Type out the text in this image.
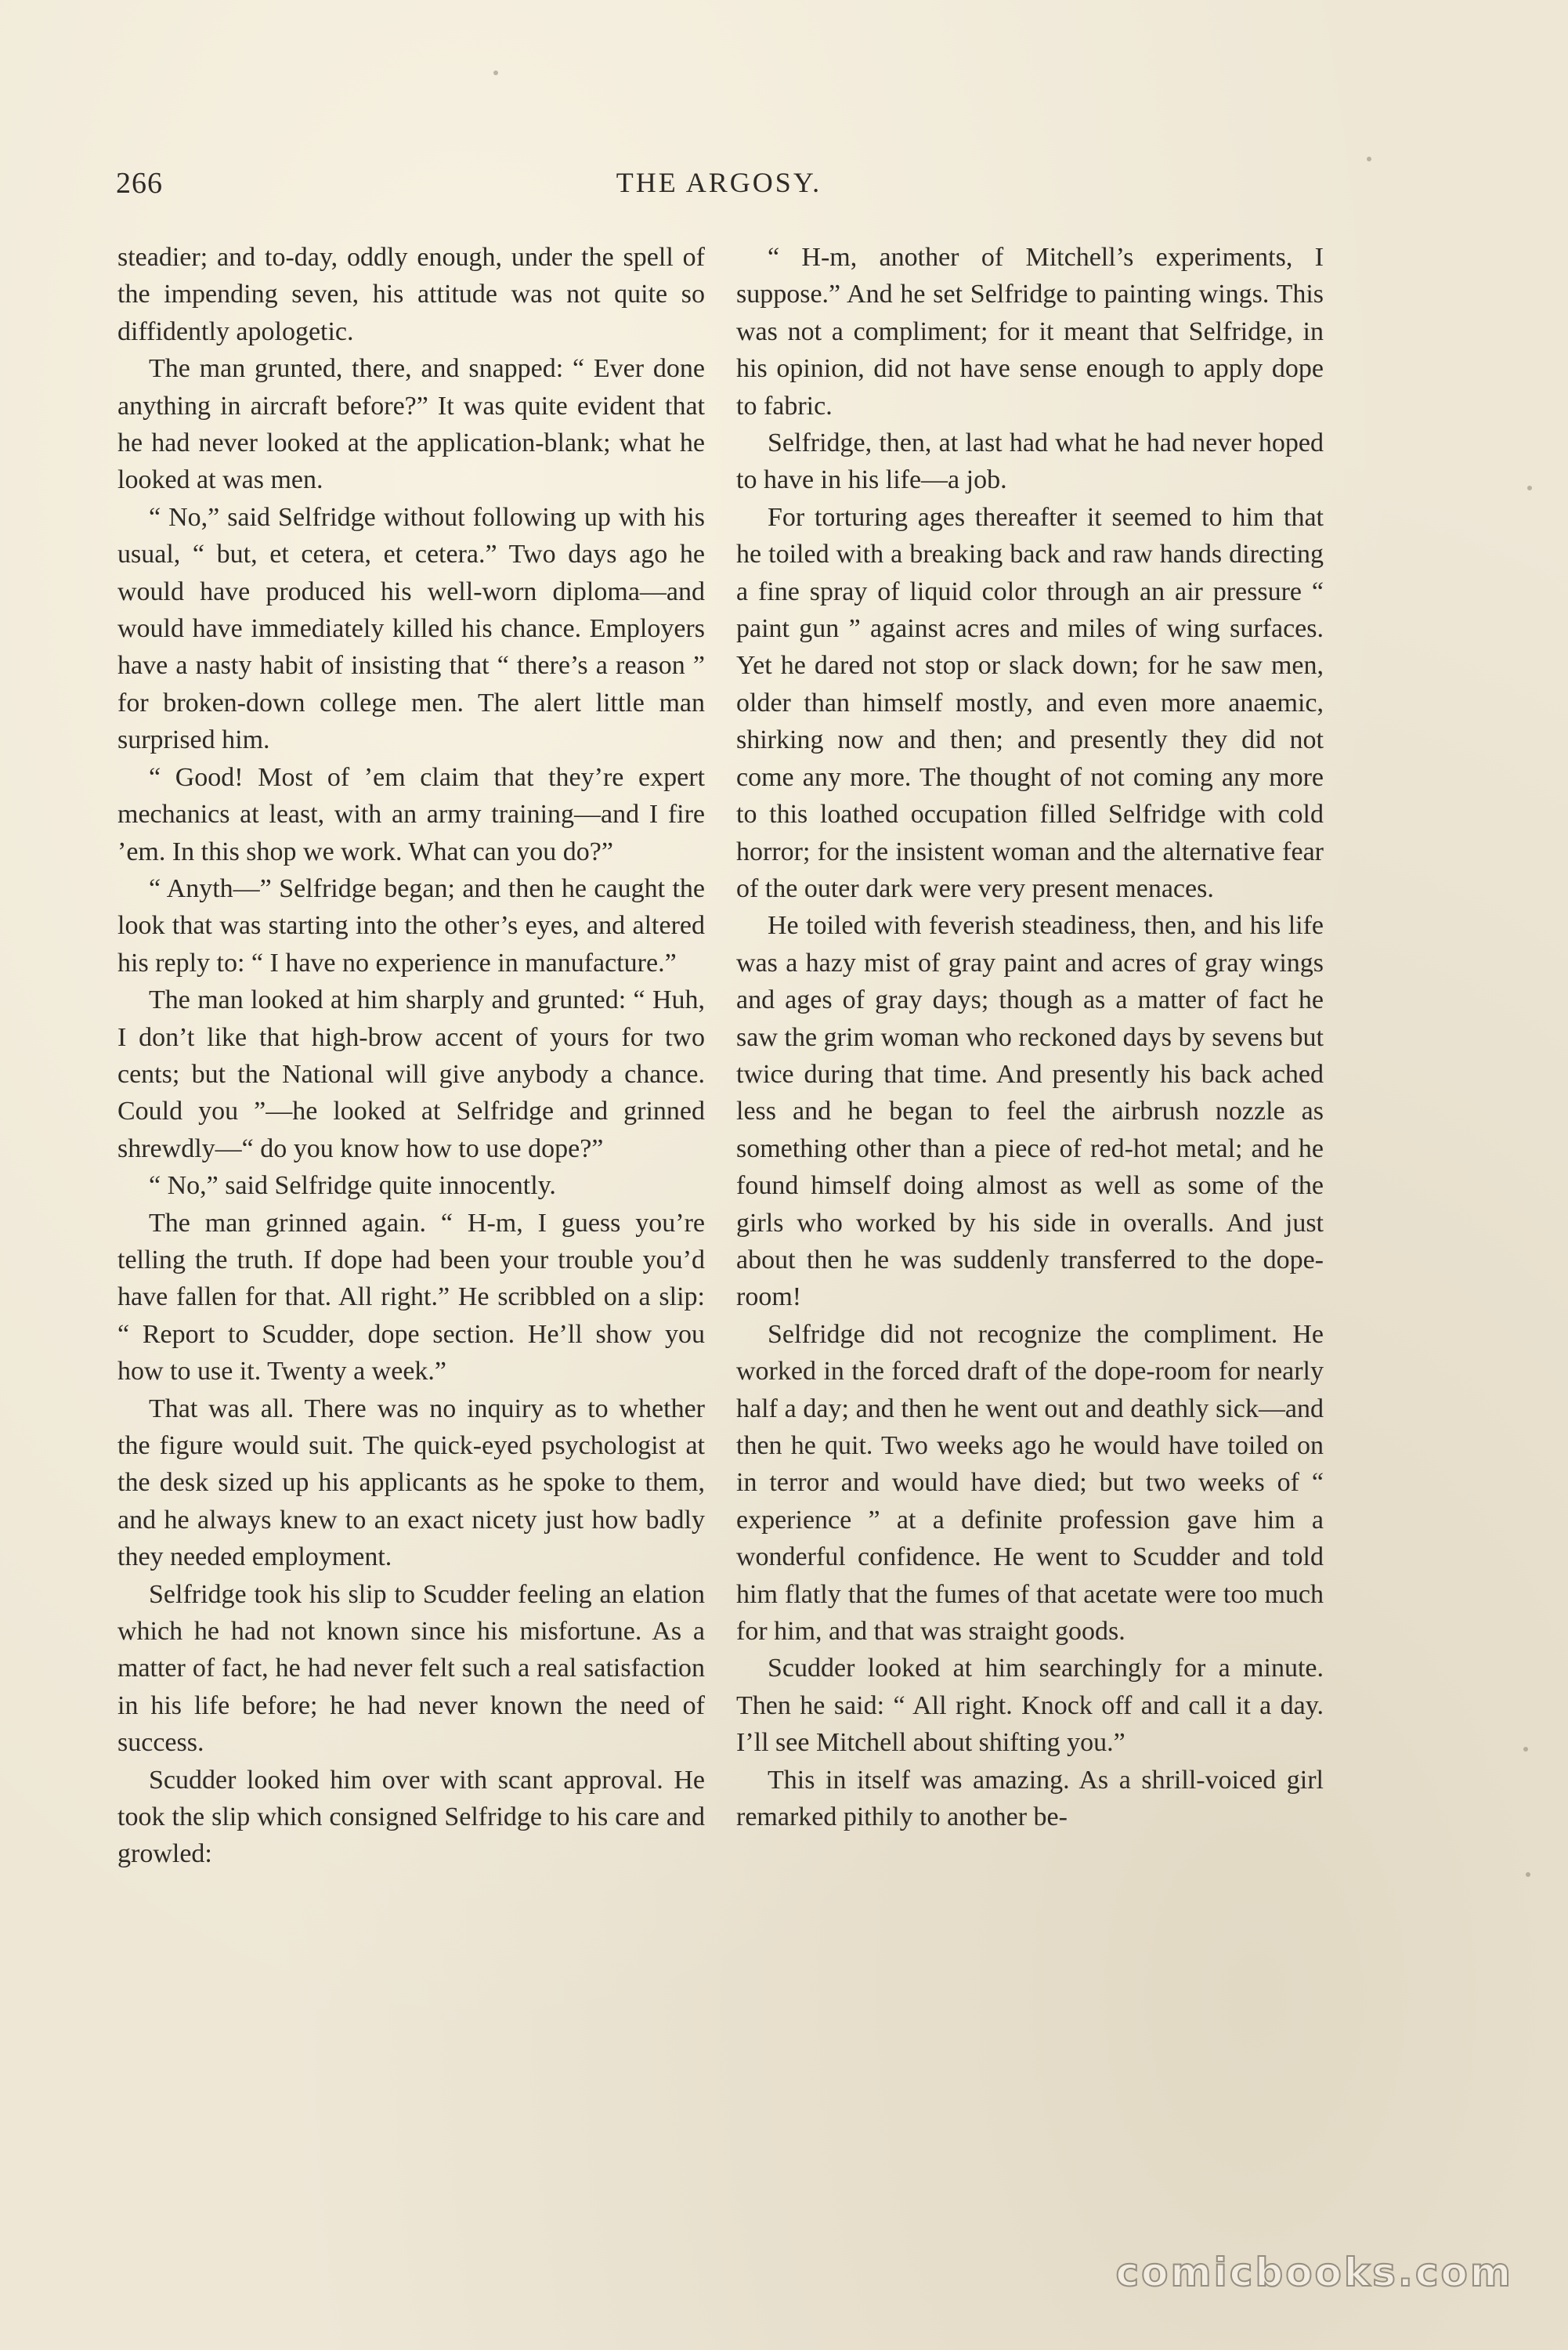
266	THE ARGOSY.

steadier; and to-day, oddly enough, under the spell of the impending seven, his attitude was not quite so diffidently apologetic.

The man grunted, there, and snapped: “ Ever done anything in aircraft before?” It was quite evident that he had never looked at the application-blank; what he looked at was men.

“ No,” said Selfridge without following up with his usual, “ but, et cetera, et cetera.” Two days ago he would have produced his well-worn diploma—and would have immediately killed his chance. Employers have a nasty habit of insisting that “ there’s a reason ” for broken-down college men. The alert little man surprised him.

“ Good! Most of ’em claim that they’re expert mechanics at least, with an army training—and I fire ’em. In this shop we work. What can you do?”

“ Anyth—” Selfridge began; and then he caught the look that was starting into the other’s eyes, and altered his reply to: “ I have no experience in manufacture.”

The man looked at him sharply and grunted: “ Huh, I don’t like that high-brow accent of yours for two cents; but the National will give anybody a chance. Could you ”—he looked at Selfridge and grinned shrewdly—“ do you know how to use dope?”

“ No,” said Selfridge quite innocently.

The man grinned again. “ H-m, I guess you’re telling the truth. If dope had been your trouble you’d have fallen for that. All right.” He scribbled on a slip: “ Report to Scudder, dope section. He’ll show you how to use it. Twenty a week.”

That was all. There was no inquiry as to whether the figure would suit. The quick-eyed psychologist at the desk sized up his applicants as he spoke to them, and he always knew to an exact nicety just how badly they needed employment.

Selfridge took his slip to Scudder feeling an elation which he had not known since his misfortune. As a matter of fact, he had never felt such a real satisfaction in his life before; he had never known the need of success.

Scudder looked him over with scant approval. He took the slip which consigned Selfridge to his care and growled:

“ H-m, another of Mitchell’s experiments, I suppose.” And he set Selfridge to painting wings. This was not a compliment; for it meant that Selfridge, in his opinion, did not have sense enough to apply dope to fabric.

Selfridge, then, at last had what he had never hoped to have in his life—a job.

For torturing ages thereafter it seemed to him that he toiled with a breaking back and raw hands directing a fine spray of liquid color through an air pressure “ paint gun ” against acres and miles of wing surfaces. Yet he dared not stop or slack down; for he saw men, older than himself mostly, and even more anaemic, shirking now and then; and presently they did not come any more. The thought of not coming any more to this loathed occupation filled Selfridge with cold horror; for the insistent woman and the alternative fear of the outer dark were very present menaces.

He toiled with feverish steadiness, then, and his life was a hazy mist of gray paint and acres of gray wings and ages of gray days; though as a matter of fact he saw the grim woman who reckoned days by sevens but twice during that time. And presently his back ached less and he began to feel the airbrush nozzle as something other than a piece of red-hot metal; and he found himself doing almost as well as some of the girls who worked by his side in overalls. And just about then he was suddenly transferred to the dope-room!

Selfridge did not recognize the compliment. He worked in the forced draft of the dope-room for nearly half a day; and then he went out and deathly sick—and then he quit. Two weeks ago he would have toiled on in terror and would have died; but two weeks of “ experience ” at a definite profession gave him a wonderful confidence. He went to Scudder and told him flatly that the fumes of that acetate were too much for him, and that was straight goods.

Scudder looked at him searchingly for a minute. Then he said: “ All right. Knock off and call it a day. I’ll see Mitchell about shifting you.”

This in itself was amazing. As a shrill-voiced girl remarked pithily to another be-

comicbooks.com
